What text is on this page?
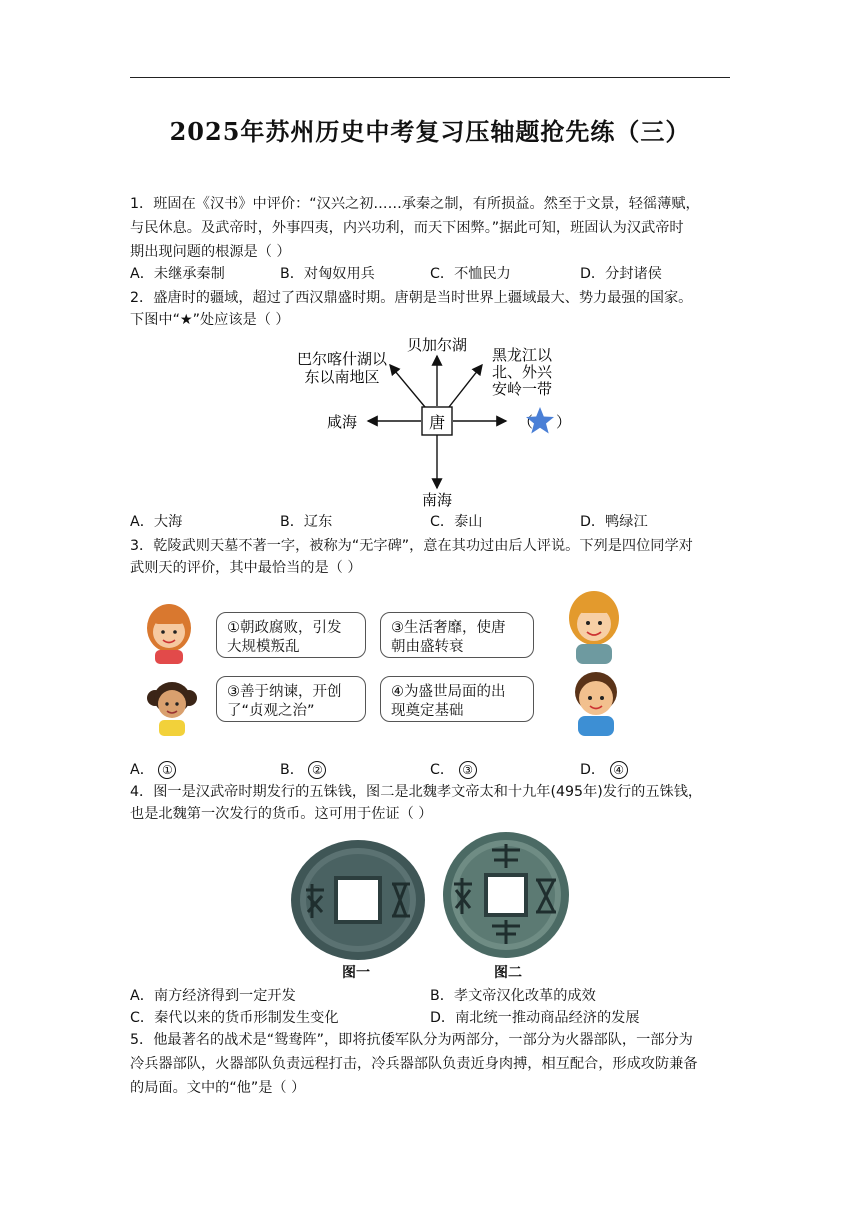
2025年苏州历史中考复习压轴题抢先练（三）
1．班固在《汉书》中评价：“汉兴之初……承秦之制，有所损益。然至于文景，轻徭薄赋，
与民休息。及武帝时，外事四夷，内兴功利，而天下困弊。”据此可知，班固认为汉武帝时
期出现问题的根源是（ ）
A．未继承秦制	B．对匈奴用兵	C．不恤民力	D．分封诸侯
2．盛唐时的疆域，超过了西汉鼎盛时期。唐朝是当时世界上疆域最大、势力最强的国家。
下图中“★”处应该是（ ）
唐
贝加尔湖
巴尔喀什湖以
东以南地区
黑龙江以
北、外兴
安岭一带
咸海
南海
（ ）
A．大海	B．辽东	C．泰山	D．鸭绿江
3．乾陵武则天墓不著一字，被称为“无字碑”，意在其功过由后人评说。下列是四位同学对
武则天的评价，其中最恰当的是（ ）
①朝政腐败，引发
大规模叛乱
③生活奢靡，使唐
朝由盛转衰
③善于纳谏，开创
了“贞观之治”
④为盛世局面的出
现奠定基础
A． ①	B． ②	C． ③	D． ④
4．图一是汉武帝时期发行的五铢钱，图二是北魏孝文帝太和十九年(495年)发行的五铢钱，
也是北魏第一次发行的货币。这可用于佐证（ ）
图一	图二
A．南方经济得到一定开发	B．孝文帝汉化改革的成效
C．秦代以来的货币形制发生变化	D．南北统一推动商品经济的发展
5．他最著名的战术是“鸳鸯阵”，即将抗倭军队分为两部分，一部分为火器部队，一部分为
冷兵器部队，火器部队负责远程打击，冷兵器部队负责近身肉搏，相互配合，形成攻防兼备
的局面。文中的“他”是（ ）
